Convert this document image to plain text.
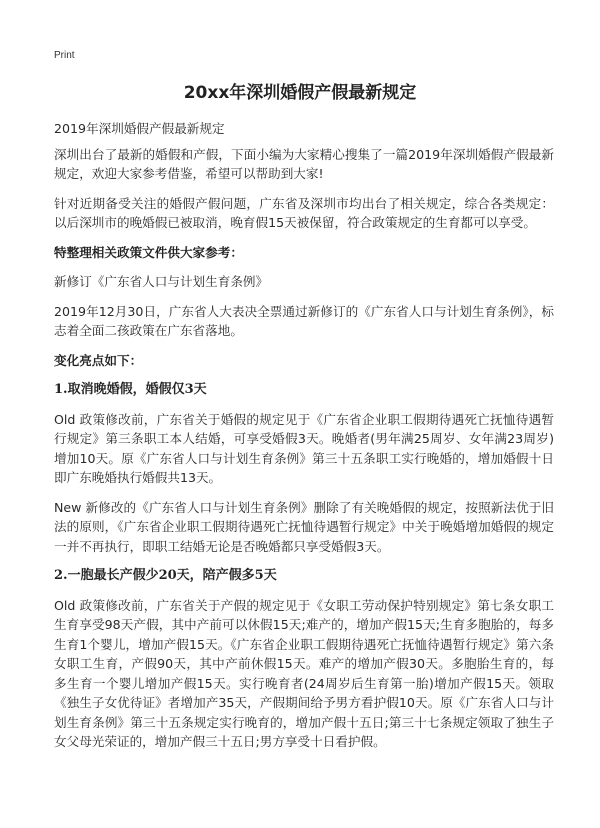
Print
20xx年深圳婚假产假最新规定

2019年深圳婚假产假最新规定

深圳出台了最新的婚假和产假，下面小编为大家精心搜集了一篇2019年深圳婚假产假最新规定，欢迎大家参考借鉴，希望可以帮助到大家!

针对近期备受关注的婚假产假问题，广东省及深圳市均出台了相关规定，综合各类规定：以后深圳市的晚婚假已被取消，晚育假15天被保留，符合政策规定的生育都可以享受。

特整理相关政策文件供大家参考：

新修订《广东省人口与计划生育条例》

2019年12月30日，广东省人大表决全票通过新修订的《广东省人口与计划生育条例》，标志着全面二孩政策在广东省落地。

变化亮点如下：

1.取消晚婚假，婚假仅3天

Old 政策修改前，广东省关于婚假的规定见于《广东省企业职工假期待遇死亡抚恤待遇暂行规定》第三条职工本人结婚，可享受婚假3天。晚婚者(男年满25周岁、女年满23周岁)增加10天。原《广东省人口与计划生育条例》第三十五条职工实行晚婚的，增加婚假十日即广东晚婚执行婚假共13天。

New 新修改的《广东省人口与计划生育条例》删除了有关晚婚假的规定，按照新法优于旧法的原则，《广东省企业职工假期待遇死亡抚恤待遇暂行规定》中关于晚婚增加婚假的规定一并不再执行，即职工结婚无论是否晚婚都只享受婚假3天。

2.一胞最长产假少20天，陪产假多5天

Old 政策修改前，广东省关于产假的规定见于《女职工劳动保护特别规定》第七条女职工生育享受98天产假，其中产前可以休假15天;难产的，增加产假15天;生育多胞胎的，每多生育1个婴儿，增加产假15天。《广东省企业职工假期待遇死亡抚恤待遇暂行规定》第六条女职工生育，产假90天，其中产前休假15天。难产的增加产假30天。多胞胎生育的，每多生育一个婴儿增加产假15天。实行晚育者(24周岁后生育第一胎)增加产假15天。领取《独生子女优待证》者增加产35天，产假期间给予男方看护假10天。原《广东省人口与计划生育条例》第三十五条规定实行晚育的，增加产假十五日;第三十七条规定领取了独生子女父母光荣证的，增加产假三十五日;男方享受十日看护假。
